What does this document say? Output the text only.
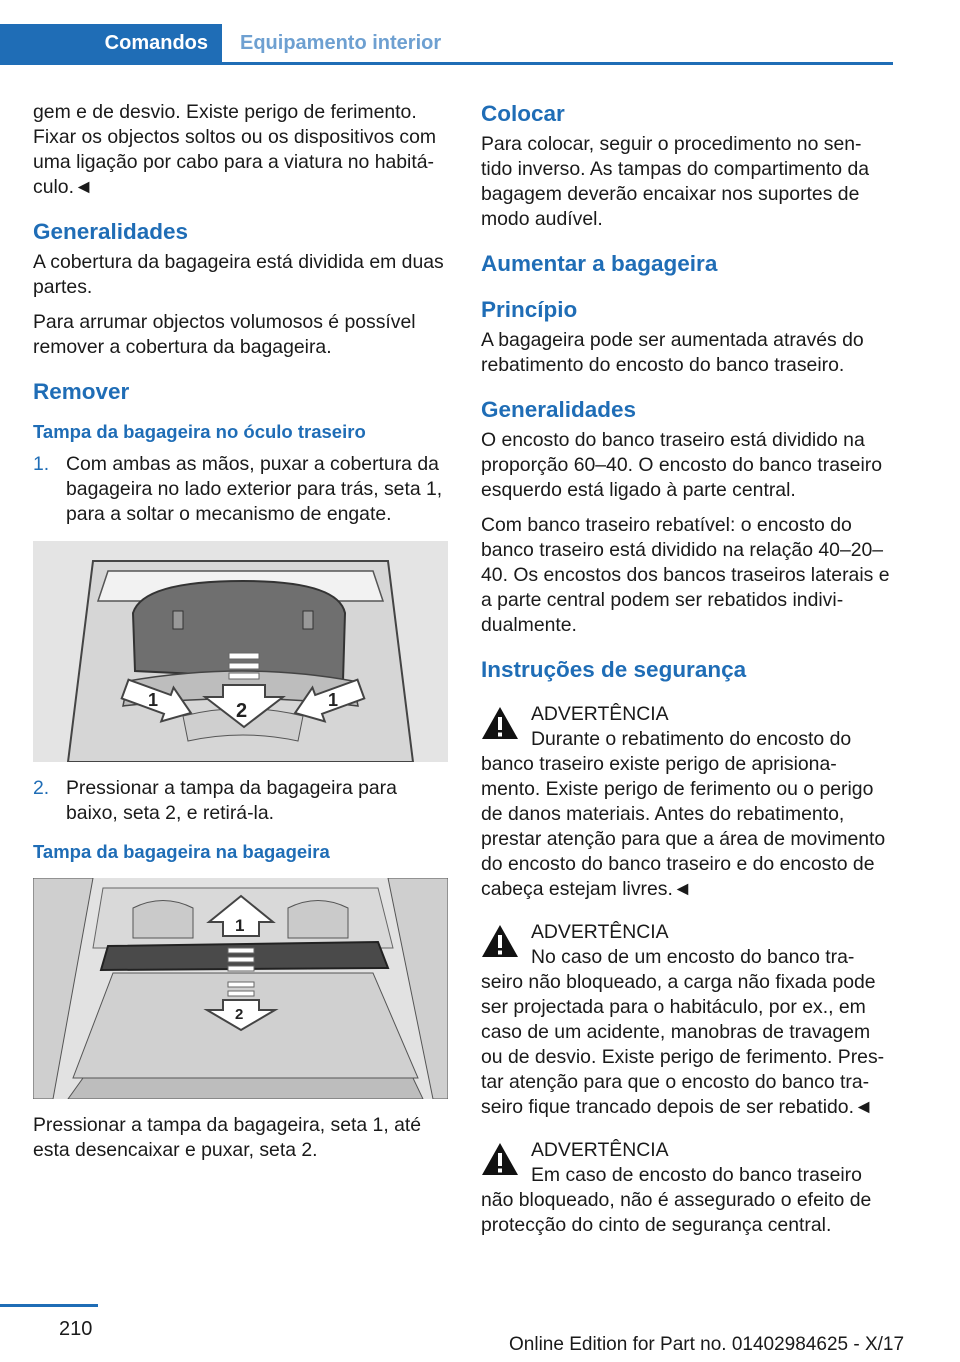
Comandos	Equipamento interior

gem e de desvio. Existe perigo de ferimento. Fixar os objectos soltos ou os dispositivos com uma ligação por cabo para a viatura no habitá‐ culo.◄

Generalidades

A cobertura da bagageira está dividida em duas partes.

Para arrumar objectos volumosos é possível remover a cobertura da bagageira.

Remover
Tampa da bagageira no óculo traseiro
1. Com ambas as mãos, puxar a cobertura da bagageira no lado exterior para trás, seta 1, para a soltar o mecanismo de engate.
1	2	1
2. Pressionar a tampa da bagageira para baixo, seta 2, e retirá-la.
Tampa da bagageira na bagageira
1
2

Pressionar a tampa da bagageira, seta 1, até esta desencaixar e puxar, seta 2.

Colocar

Para colocar, seguir o procedimento no sen‐ tido inverso. As tampas do compartimento da bagagem deverão encaixar nos suportes de modo audível.

Aumentar a bagageira
Princípio

A bagageira pode ser aumentada através do rebatimento do encosto do banco traseiro.

Generalidades

O encosto do banco traseiro está dividido na proporção 60–40. O encosto do banco traseiro esquerdo está ligado à parte central.

Com banco traseiro rebatível: o encosto do banco traseiro está dividido na relação 40–20– 40. Os encostos dos bancos traseiros laterais e a parte central podem ser rebatidos indivi‐ dualmente.

Instruções de segurança
ADVERTÊNCIA
Durante o rebatimento do encosto do
banco traseiro existe perigo de aprisiona‐ mento. Existe perigo de ferimento ou o perigo de danos materiais. Antes do rebatimento, prestar atenção para que a área de movimento do encosto do banco traseiro e do encosto de cabeça estejam livres.◄
ADVERTÊNCIA
No caso de um encosto do banco tra‐
seiro não bloqueado, a carga não fixada pode ser projectada para o habitáculo, por ex., em caso de um acidente, manobras de travagem ou de desvio. Existe perigo de ferimento. Pres‐ tar atenção para que o encosto do banco tra‐ seiro fique trancado depois de ser rebatido.◄
ADVERTÊNCIA
Em caso de encosto do banco traseiro
não bloqueado, não é assegurado o efeito de protecção do cinto de segurança central.
210
Online Edition for Part no. 01402984625 - X/17
